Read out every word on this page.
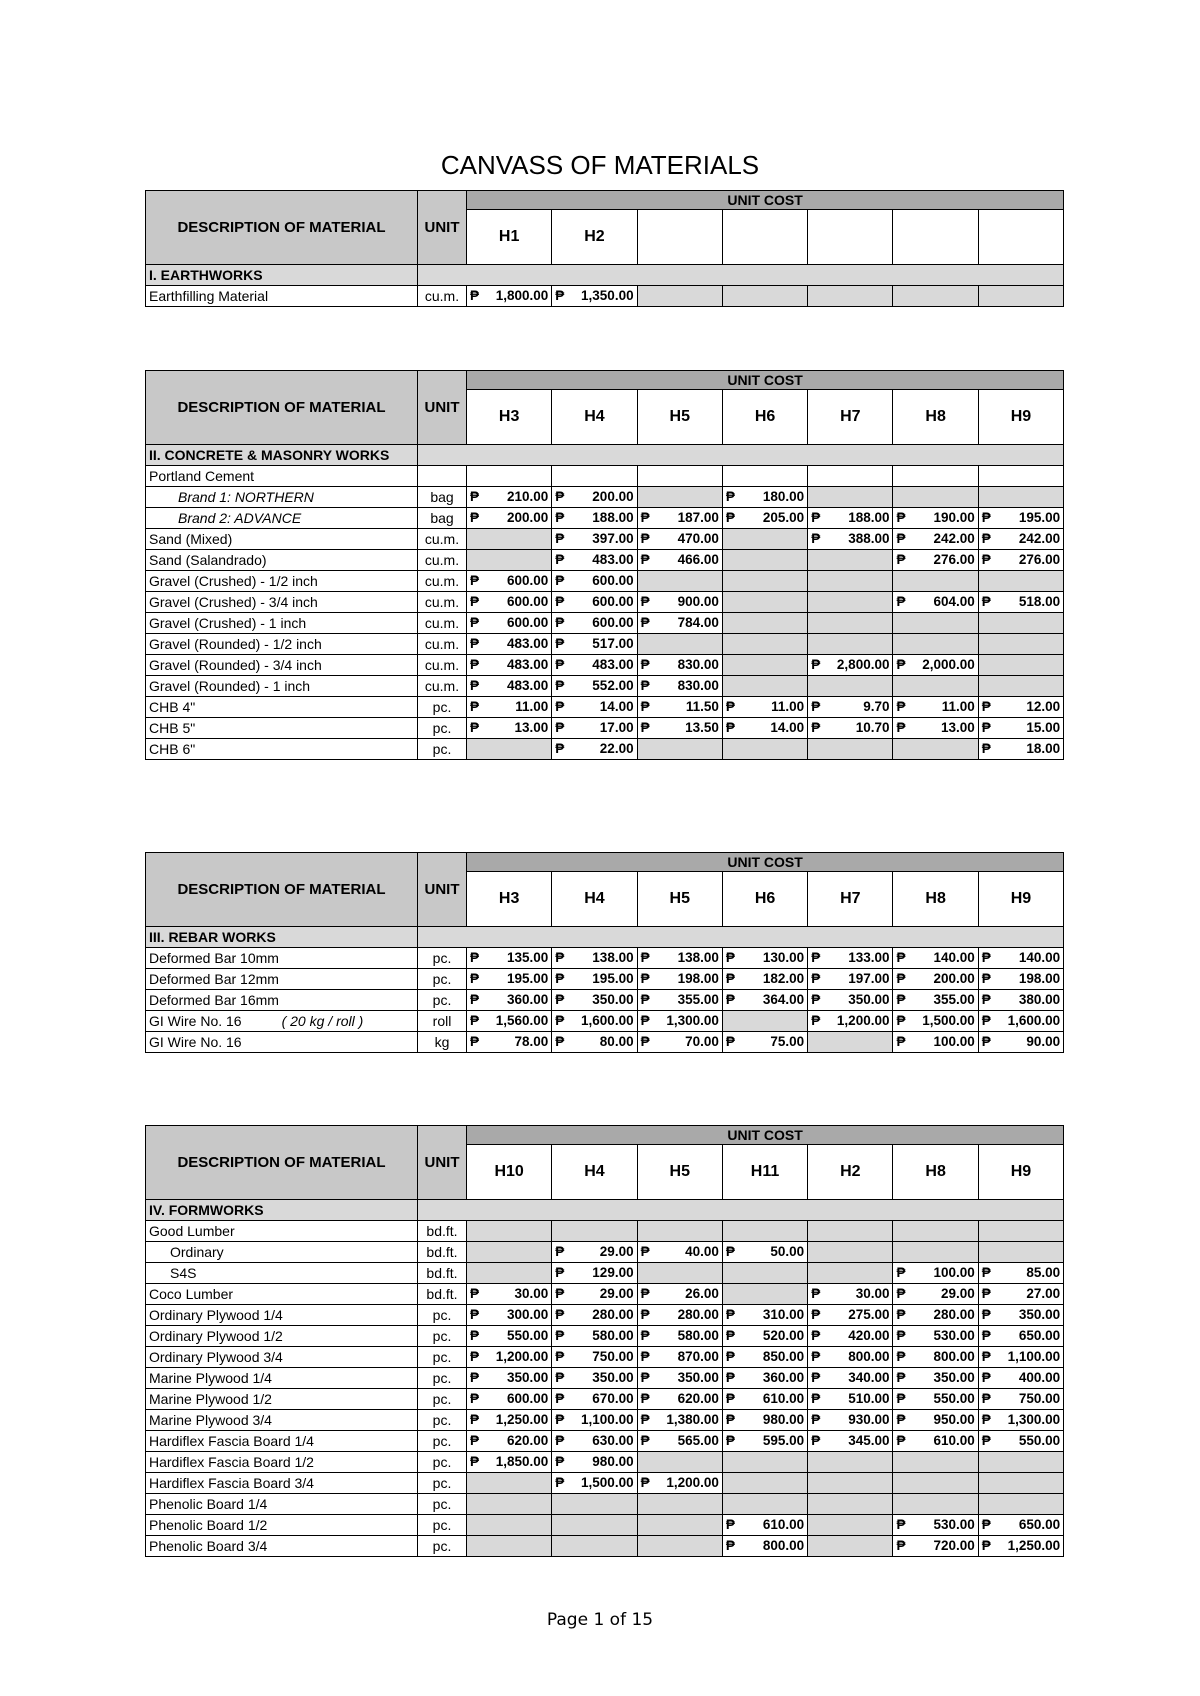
CANVASS OF MATERIALS
DESCRIPTION OF MATERIAL	UNIT	UNIT COST						
		H1	H2					
I. EARTHWORKS								
Earthfilling Material	cu.m.	₱ 1,800.00	₱ 1,350.00					

DESCRIPTION OF MATERIAL	UNIT	UNIT COST						
		H3	H4	H5	H6	H7	H8	H9
II. CONCRETE & MASONRY WORKS								
Portland Cement								
Brand 1: NORTHERN	bag	₱ 210.00	₱ 200.00		₱ 180.00			

Brand 2: ADVANCE	bag	₱ 200.00	₱ 188.00	₱ 187.00	₱ 205.00	₱ 188.00	₱ 190.00	₱ 195.00

Sand (Mixed)	cu.m.		₱ 397.00	₱ 470.00		₱ 388.00	₱ 242.00	₱ 242.00

Sand (Salandrado)	cu.m.		₱ 483.00	₱ 466.00			₱ 276.00	₱ 276.00

Gravel (Crushed) - 1/2 inch	cu.m.	₱ 600.00	₱ 600.00					

Gravel (Crushed) - 3/4 inch	cu.m.	₱ 600.00	₱ 600.00	₱ 900.00			₱ 604.00	₱ 518.00

Gravel (Crushed) - 1 inch	cu.m.	₱ 600.00	₱ 600.00	₱ 784.00				

Gravel (Rounded) - 1/2 inch	cu.m.	₱ 483.00	₱ 517.00					

Gravel (Rounded) - 3/4 inch	cu.m.	₱ 483.00	₱ 483.00	₱ 830.00		₱ 2,800.00	₱ 2,000.00	

Gravel (Rounded) - 1 inch	cu.m.	₱ 483.00	₱ 552.00	₱ 830.00				

CHB 4"	pc.	₱ 11.00	₱ 14.00	₱ 11.50	₱ 11.00	₱ 9.70	₱ 11.00	₱ 12.00

CHB 5"	pc.	₱ 13.00	₱ 17.00	₱ 13.50	₱ 14.00	₱ 10.70	₱ 13.00	₱ 15.00

CHB 6"	pc.		₱ 22.00					₱ 18.00
DESCRIPTION OF MATERIAL	UNIT	UNIT COST						
		H3	H4	H5	H6	H7	H8	H9
III. REBAR WORKS								
Deformed Bar 10mm	pc.	₱ 135.00	₱ 138.00	₱ 138.00	₱ 130.00	₱ 133.00	₱ 140.00	₱ 140.00

Deformed Bar 12mm	pc.	₱ 195.00	₱ 195.00	₱ 198.00	₱ 182.00	₱ 197.00	₱ 200.00	₱ 198.00

Deformed Bar 16mm	pc.	₱ 360.00	₱ 350.00	₱ 355.00	₱ 364.00	₱ 350.00	₱ 355.00	₱ 380.00

GI Wire No. 16 ( 20 kg / roll )	roll	₱ 1,560.00	₱ 1,600.00	₱ 1,300.00		₱ 1,200.00	₱ 1,500.00	₱ 1,600.00

GI Wire No. 16	kg	₱ 78.00	₱ 80.00	₱ 70.00	₱ 75.00		₱ 100.00	₱ 90.00
DESCRIPTION OF MATERIAL	UNIT	UNIT COST						
		H10	H4	H5	H11	H2	H8	H9
IV. FORMWORKS								
Good Lumber	bd.ft.							
Ordinary	bd.ft.		₱ 29.00	₱ 40.00	₱ 50.00			

S4S	bd.ft.		₱ 129.00				₱ 100.00	₱ 85.00

Coco Lumber	bd.ft.	₱ 30.00	₱ 29.00	₱ 26.00		₱ 30.00	₱ 29.00	₱ 27.00

Ordinary Plywood 1/4	pc.	₱ 300.00	₱ 280.00	₱ 280.00	₱ 310.00	₱ 275.00	₱ 280.00	₱ 350.00

Ordinary Plywood 1/2	pc.	₱ 550.00	₱ 580.00	₱ 580.00	₱ 520.00	₱ 420.00	₱ 530.00	₱ 650.00

Ordinary Plywood 3/4	pc.	₱ 1,200.00	₱ 750.00	₱ 870.00	₱ 850.00	₱ 800.00	₱ 800.00	₱ 1,100.00

Marine Plywood 1/4	pc.	₱ 350.00	₱ 350.00	₱ 350.00	₱ 360.00	₱ 340.00	₱ 350.00	₱ 400.00

Marine Plywood 1/2	pc.	₱ 600.00	₱ 670.00	₱ 620.00	₱ 610.00	₱ 510.00	₱ 550.00	₱ 750.00

Marine Plywood 3/4	pc.	₱ 1,250.00	₱ 1,100.00	₱ 1,380.00	₱ 980.00	₱ 930.00	₱ 950.00	₱ 1,300.00

Hardiflex Fascia Board 1/4	pc.	₱ 620.00	₱ 630.00	₱ 565.00	₱ 595.00	₱ 345.00	₱ 610.00	₱ 550.00

Hardiflex Fascia Board 1/2	pc.	₱ 1,850.00	₱ 980.00					

Hardiflex Fascia Board 3/4	pc.		₱ 1,500.00	₱ 1,200.00				

Phenolic Board 1/4	pc.							
Phenolic Board 1/2	pc.				₱ 610.00		₱ 530.00	₱ 650.00

Phenolic Board 3/4	pc.				₱ 800.00		₱ 720.00	₱ 1,250.00
Page 1 of 15
